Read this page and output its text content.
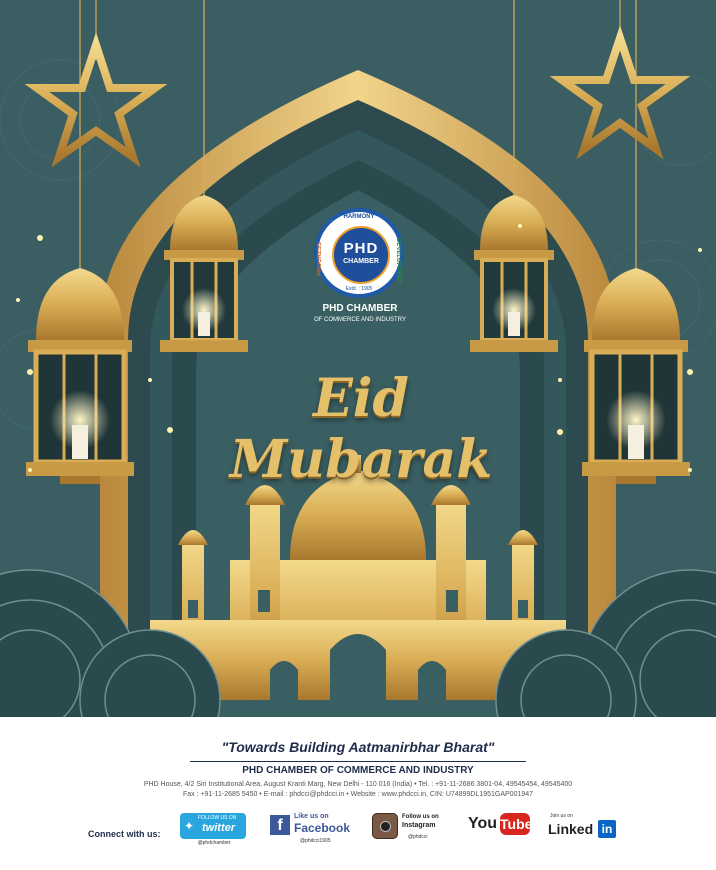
HARMONY
PROGRESS	DEVELOPMENT
PHD
CHAMBER
Estd. : 1905
PHD CHAMBER
OF COMMERCE AND INDUSTRY
Eid Mubarak
"Towards Building Aatmanirbhar Bharat"
PHD CHAMBER OF COMMERCE AND INDUSTRY
PHD House, 4/2 Siri Institutional Area, August Kranti Marg, New Delhi - 110 016 (India) • Tel. : +91-11-2686 3801-04, 49545454, 49545400
Fax : +91-11-2685 5450 • E-mail : phdcci@phdcci.in • Website : www.phdcci.in, CIN: U74899DL1951GAP001947
Connect with us:
✦
FOLLOW US ON
twitter
@phdchamber
f
Like us on
Facebook
@phdcci1905
Follow us on
Instagram
@phdcci
You Tube	Join us on
Linked in
